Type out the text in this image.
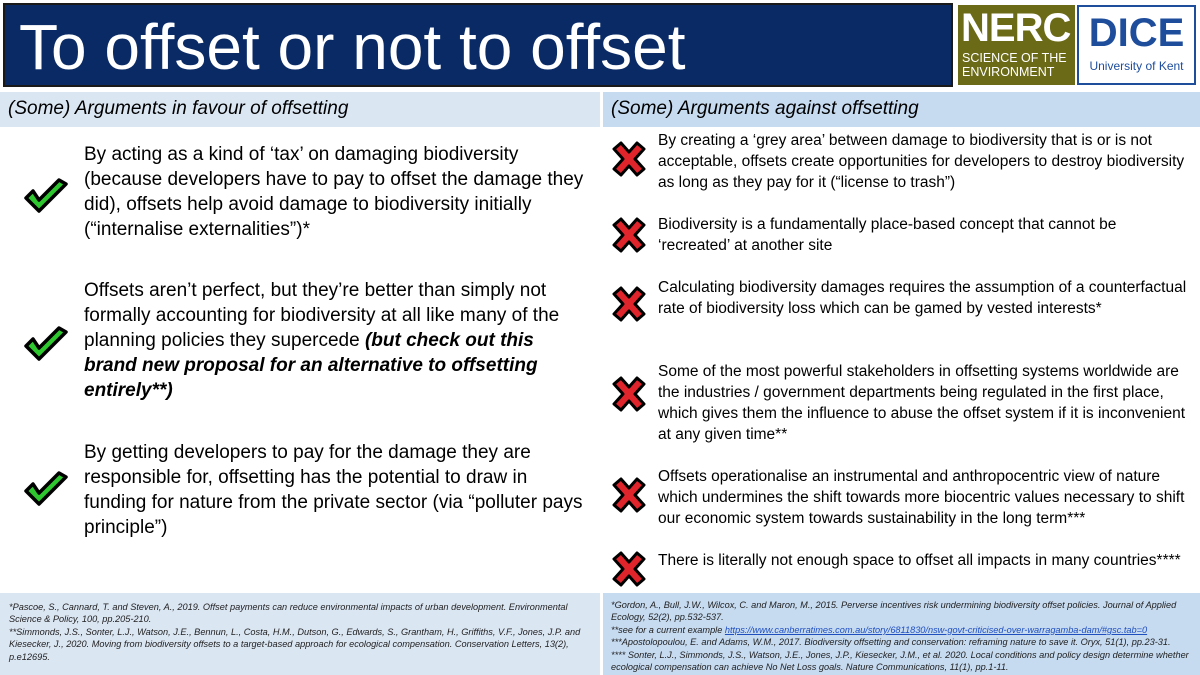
To offset or not to offset	NERC
SCIENCE OF THE
ENVIRONMENT
DICE
University of Kent
(Some) Arguments in favour of offsetting	(Some) Arguments against offsetting
By acting as a kind of ‘tax’ on damaging biodiversity (because developers have to pay to offset the damage they did), offsets help avoid damage to biodiversity initially (“internalise externalities”)*
Offsets aren’t perfect, but they’re better than simply not formally accounting for biodiversity at all like many of the planning policies they supercede (but check out this brand new proposal for an alternative to offsetting entirely**)
By getting developers to pay for the damage they are responsible for, offsetting has the potential to draw in funding for nature from the private sector (via “polluter pays principle”)
By creating a ‘grey area’ between damage to biodiversity that is or is not acceptable, offsets create opportunities for developers to destroy biodiversity as long as they pay for it (“license to trash”)
Biodiversity is a fundamentally place-based concept that cannot be ‘recreated’ at another site
Calculating biodiversity damages requires the assumption of a counterfactual rate of biodiversity loss which can be gamed by vested interests*
Some of the most powerful stakeholders in offsetting systems worldwide are the industries / government departments being regulated in the first place, which gives them the influence to abuse the offset system if it is inconvenient at any given time**
Offsets operationalise an instrumental and anthropocentric view of nature which undermines the shift towards more biocentric values necessary to shift our economic system towards sustainability in the long term***
There is literally not enough space to offset all impacts in many countries****

*Pascoe, S., Cannard, T. and Steven, A., 2019. Offset payments can reduce environmental impacts of urban development. Environmental Science & Policy, 100, pp.205-210.

**Simmonds, J.S., Sonter, L.J., Watson, J.E., Bennun, L., Costa, H.M., Dutson, G., Edwards, S., Grantham, H., Griffiths, V.F., Jones, J.P. and Kiesecker, J., 2020. Moving from biodiversity offsets to a target-based approach for ecological compensation. Conservation Letters, 13(2), p.e12695.

*Gordon, A., Bull, J.W., Wilcox, C. and Maron, M., 2015. Perverse incentives risk undermining biodiversity offset policies. Journal of Applied Ecology, 52(2), pp.532-537.

**see for a current example https://www.canberratimes.com.au/story/6811830/nsw-govt-criticised-over-warragamba-dam/#gsc.tab=0

***Apostolopoulou, E. and Adams, W.M., 2017. Biodiversity offsetting and conservation: reframing nature to save it. Oryx, 51(1), pp.23-31.

**** Sonter, L.J., Simmonds, J.S., Watson, J.E., Jones, J.P., Kiesecker, J.M., et al. 2020. Local conditions and policy design determine whether ecological compensation can achieve No Net Loss goals. Nature Communications, 11(1), pp.1-11.
